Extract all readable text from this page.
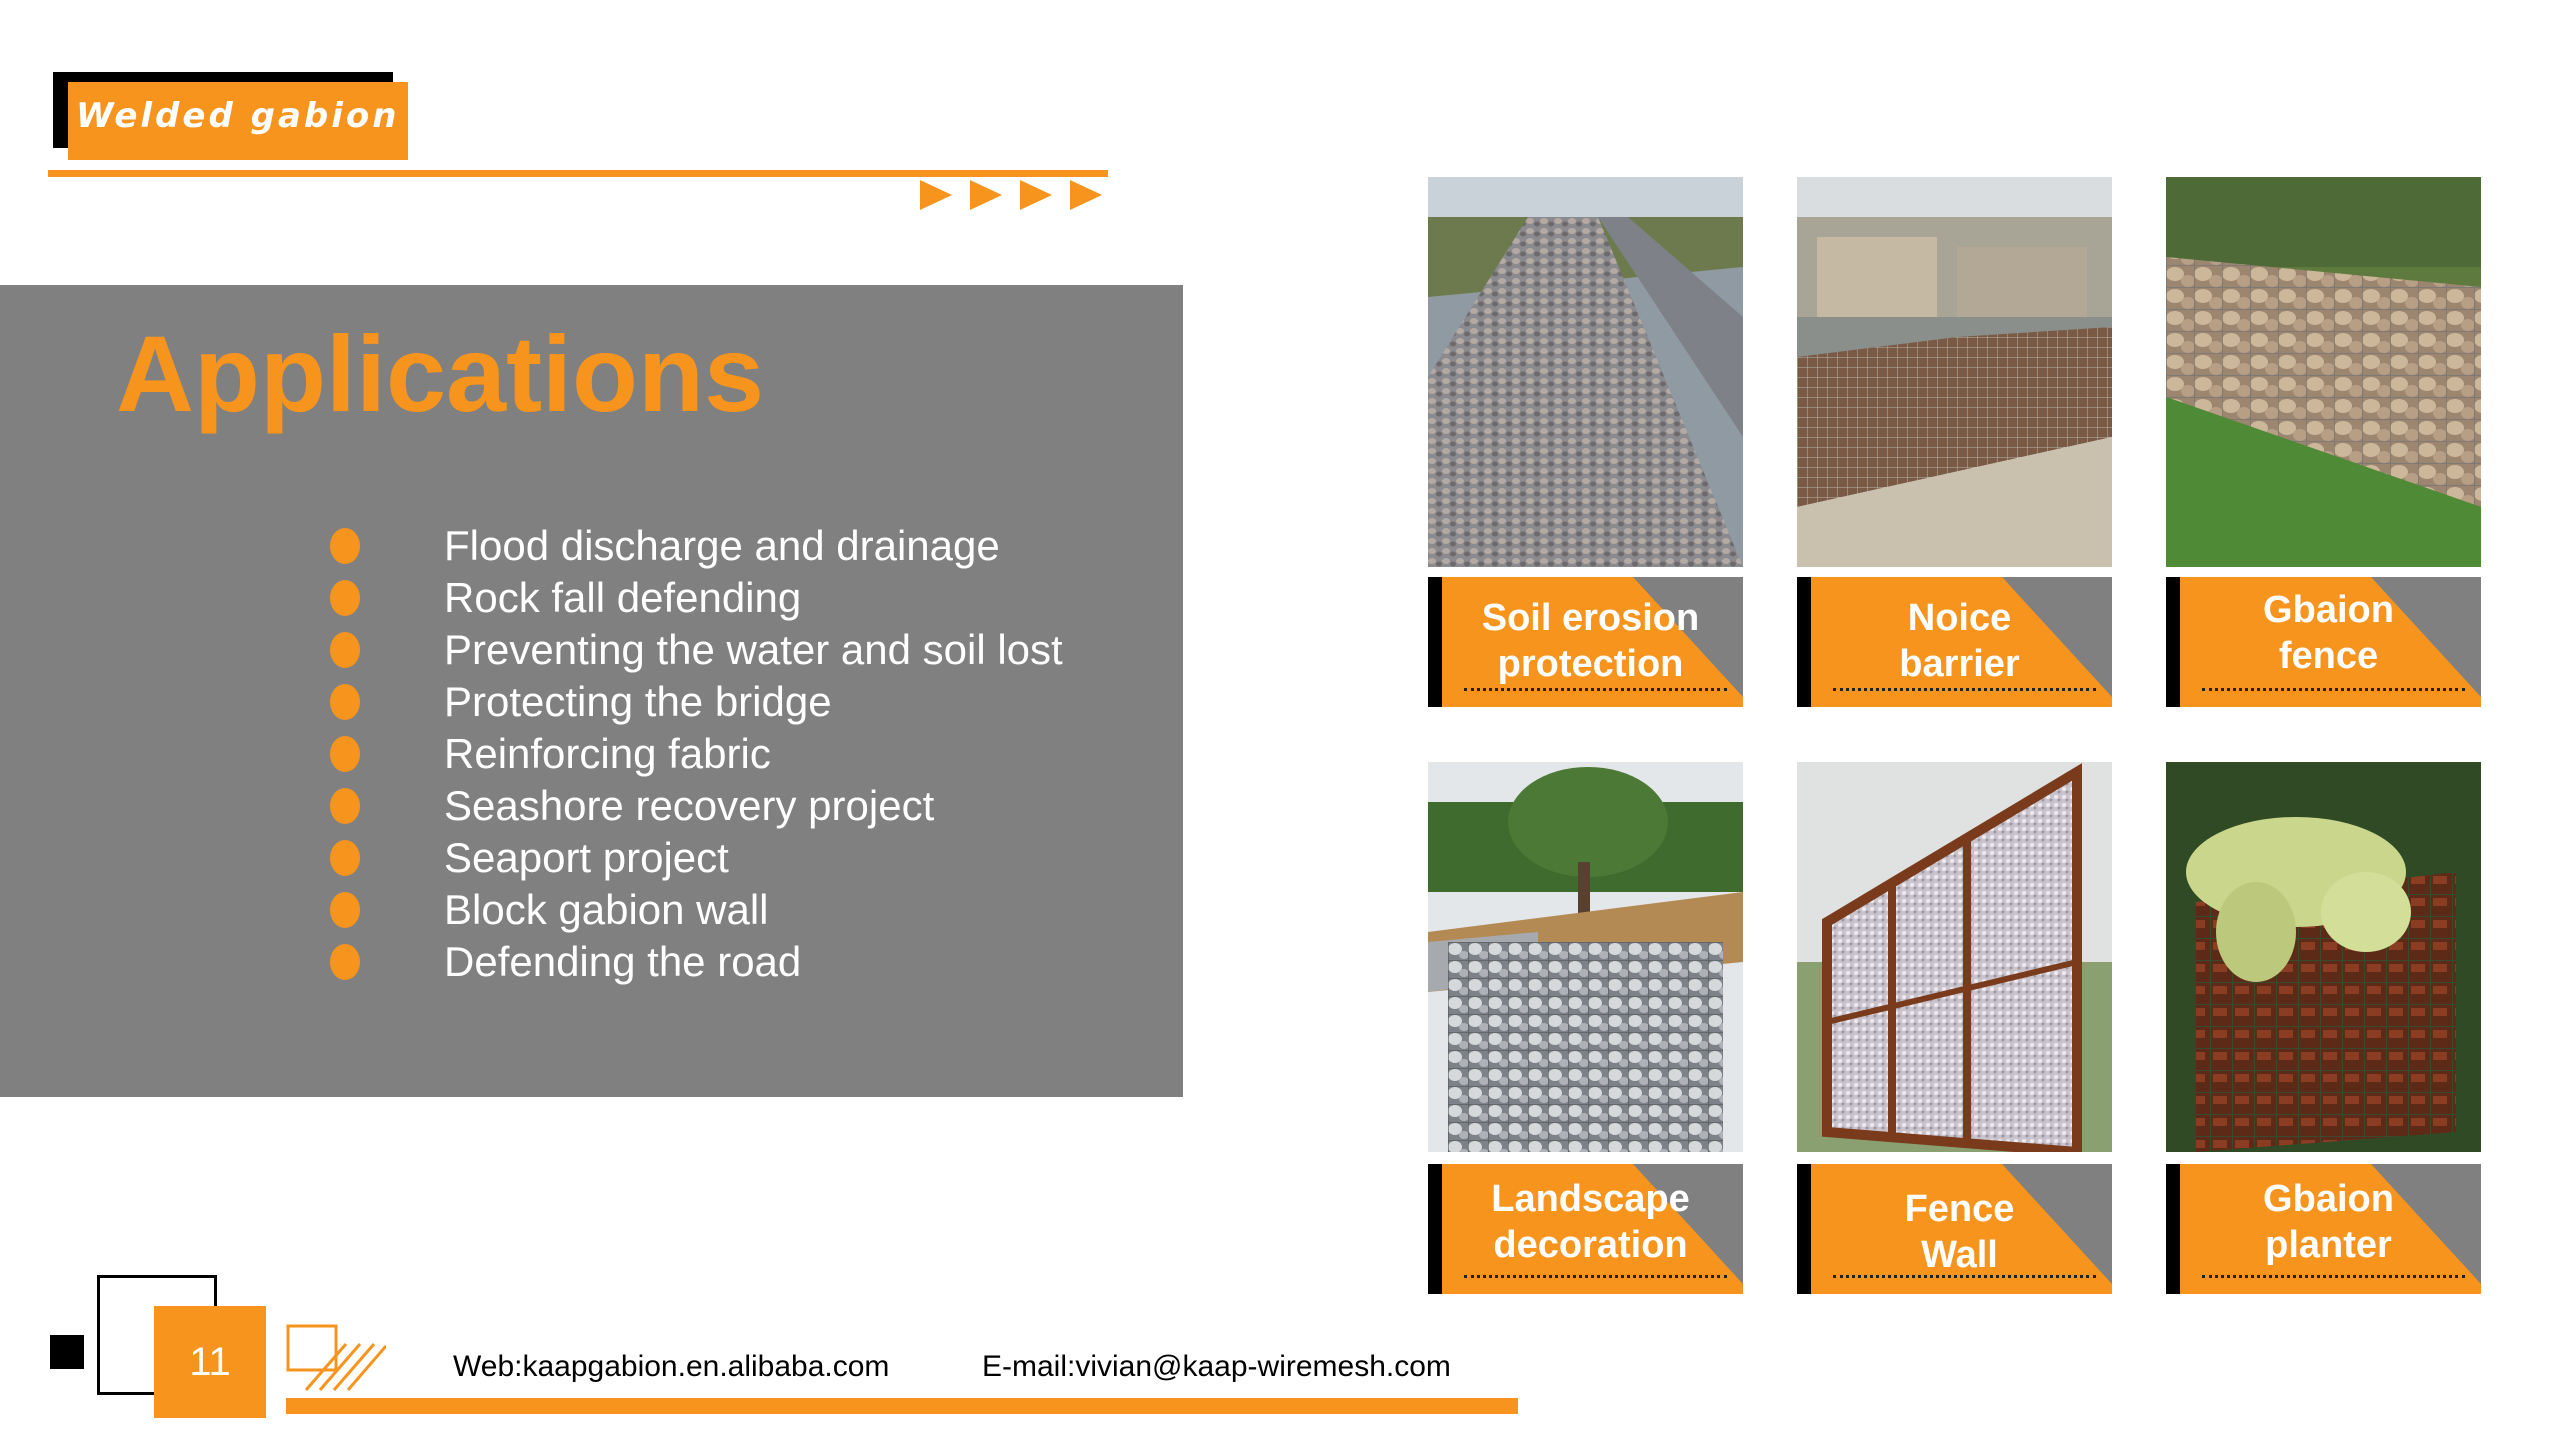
Welded gabion
Applications
Flood discharge and drainage
Rock fall defending
Preventing the water and soil lost
Protecting the bridge
Reinforcing fabric
Seashore recovery project
Seaport project
Block gabion wall
Defending the road
Soil erosion
protection
Noice
barrier
Gbaion
fence
Landscape
decoration
Fence
Wall
Gbaion
planter
11	Web:kaapgabion.en.alibaba.com	E-mail:vivian@kaap-wiremesh.com
